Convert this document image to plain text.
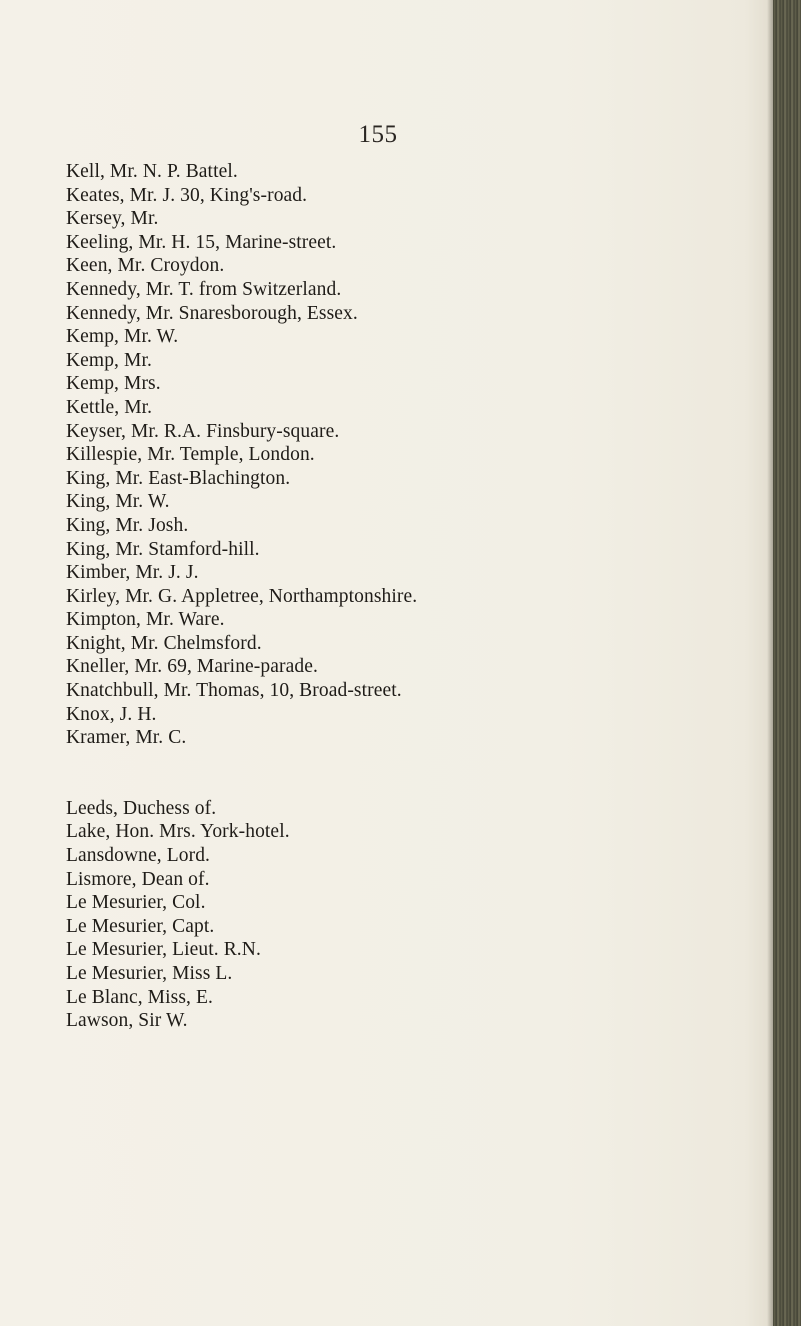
155
Kell, Mr. N. P. Battel.
Keates, Mr. J. 30, King's-road.
Kersey, Mr.
Keeling, Mr. H. 15, Marine-street.
Keen, Mr. Croydon.
Kennedy, Mr. T. from Switzerland.
Kennedy, Mr. Snaresborough, Essex.
Kemp, Mr. W.
Kemp, Mr.
Kemp, Mrs.
Kettle, Mr.
Keyser, Mr. R.A. Finsbury-square.
Killespie, Mr. Temple, London.
King, Mr. East-Blachington.
King, Mr. W.
King, Mr. Josh.
King, Mr. Stamford-hill.
Kimber, Mr. J. J.
Kirley, Mr. G. Appletree, Northamptonshire.
Kimpton, Mr. Ware.
Knight, Mr. Chelmsford.
Kneller, Mr. 69, Marine-parade.
Knatchbull, Mr. Thomas, 10, Broad-street.
Knox, J. H.
Kramer, Mr. C.
Leeds, Duchess of.
Lake, Hon. Mrs. York-hotel.
Lansdowne, Lord.
Lismore, Dean of.
Le Mesurier, Col.
Le Mesurier, Capt.
Le Mesurier, Lieut. R.N.
Le Mesurier, Miss L.
Le Blanc, Miss, E.
Lawson, Sir W.
